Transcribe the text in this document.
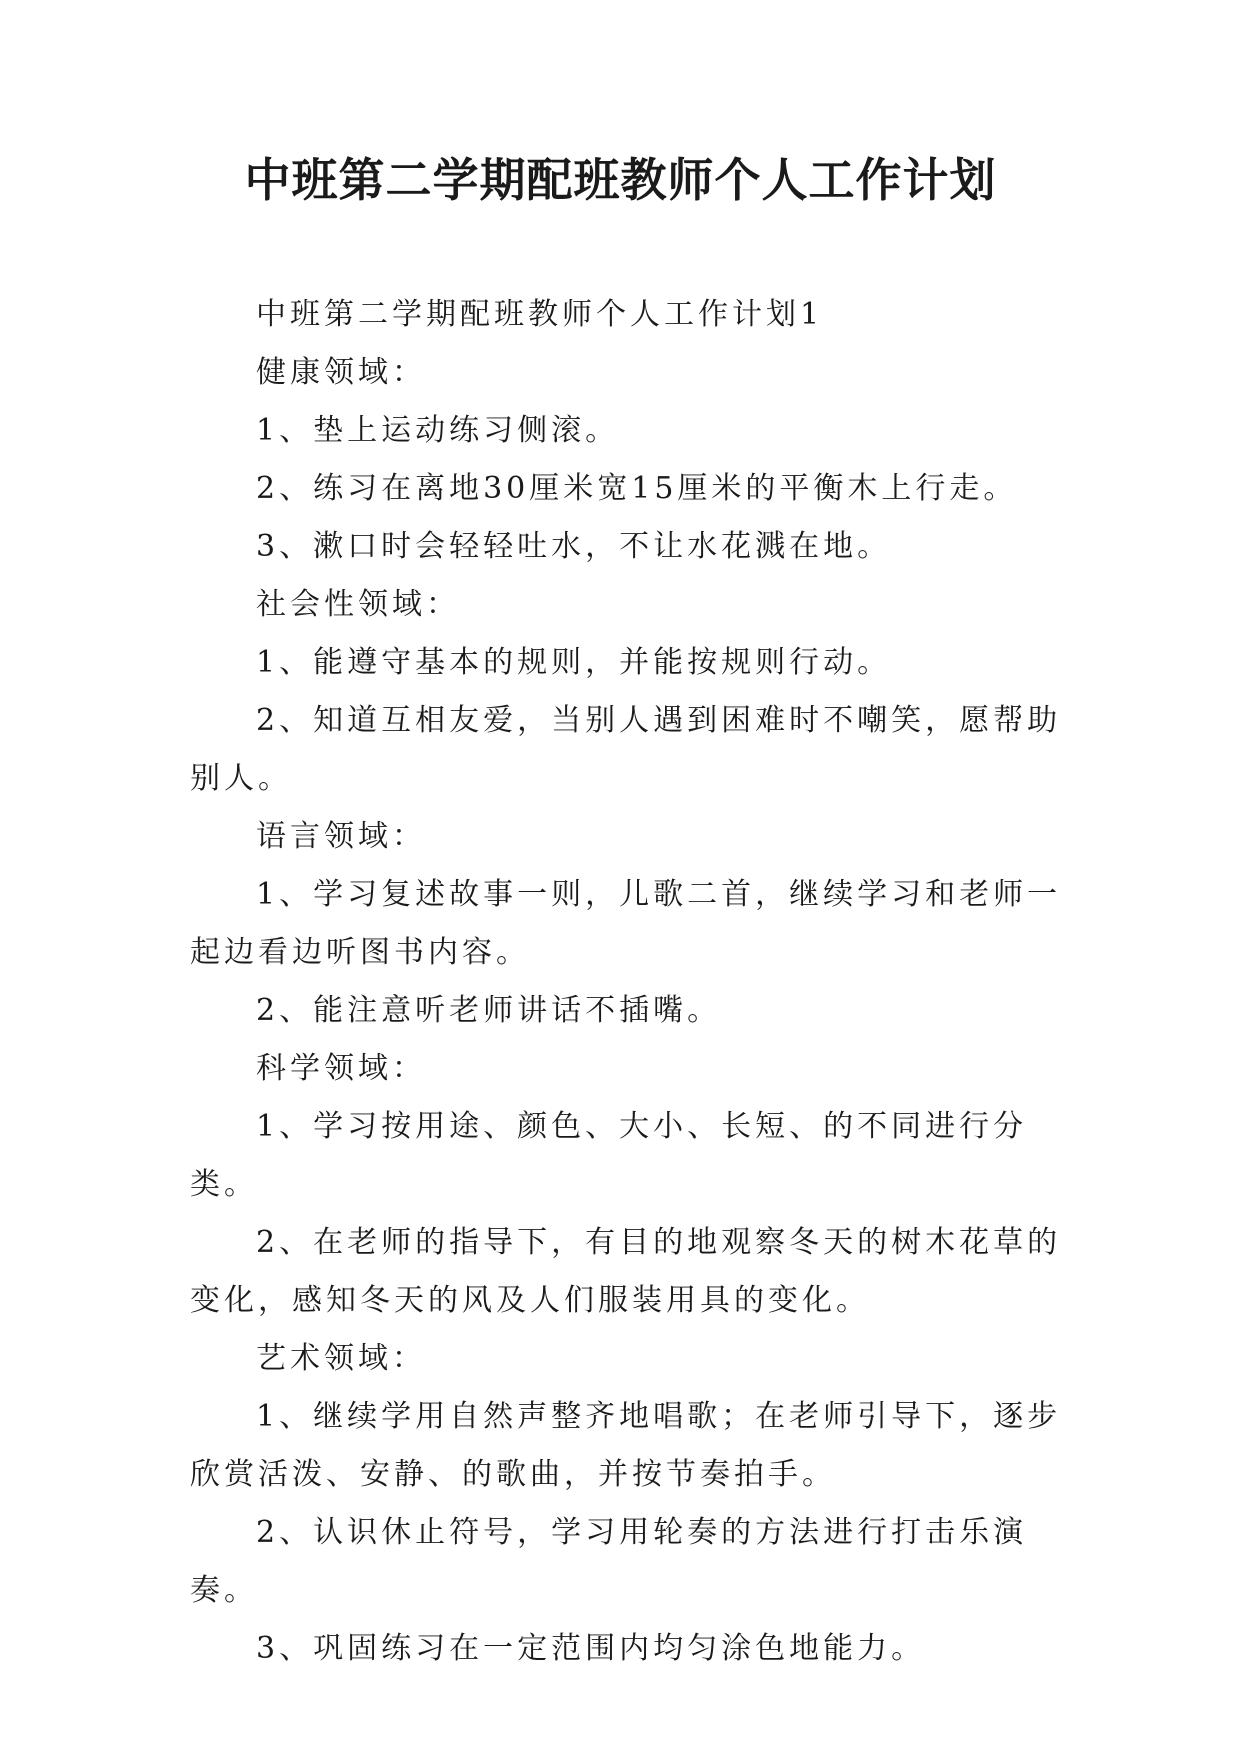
中班第二学期配班教师个人工作计划

中班第二学期配班教师个人工作计划1

健康领域：

1、垫上运动练习侧滚。

2、练习在离地30厘米宽15厘米的平衡木上行走。

3、漱口时会轻轻吐水，不让水花溅在地。

社会性领域：

1、能遵守基本的规则，并能按规则行动。

2、知道互相友爱，当别人遇到困难时不嘲笑，愿帮助别人。

语言领域：

1、学习复述故事一则，儿歌二首，继续学习和老师一起边看边听图书内容。

2、能注意听老师讲话不插嘴。

科学领域：

1、学习按用途、颜色、大小、长短、的不同进行分类。

2、在老师的指导下，有目的地观察冬天的树木花草的变化，感知冬天的风及人们服装用具的变化。

艺术领域：

1、继续学用自然声整齐地唱歌；在老师引导下，逐步欣赏活泼、安静、的歌曲，并按节奏拍手。

2、认识休止符号，学习用轮奏的方法进行打击乐演奏。

3、巩固练习在一定范围内均匀涂色地能力。
